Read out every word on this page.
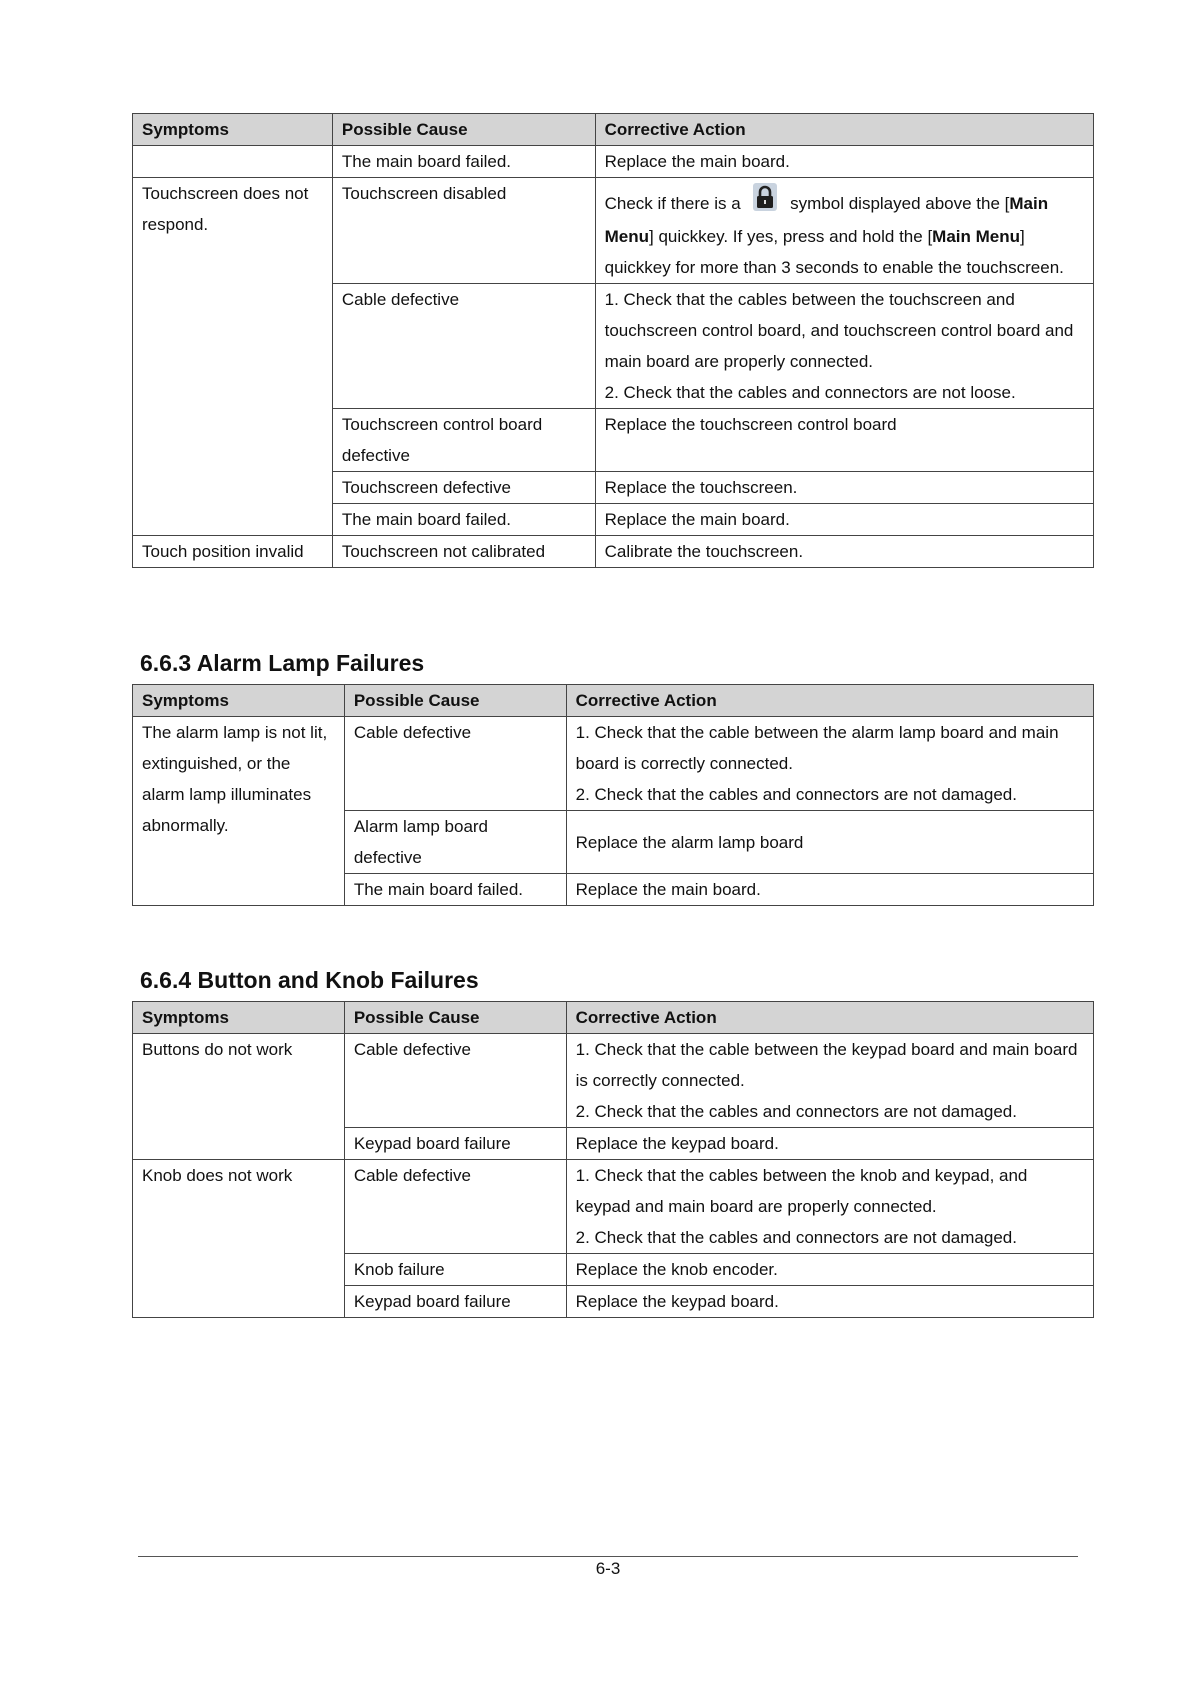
Symptoms	Possible Cause	Corrective Action
	The main board failed.	Replace the main board.
Touchscreen does not respond.	Touchscreen disabled	Check if there is a symbol displayed above the [Main Menu] quickkey. If yes, press and hold the [Main Menu] quickkey for more than 3 seconds to enable the touchscreen.
	Cable defective	1. Check that the cables between the touchscreen and touchscreen control board, and touchscreen control board and main board are properly connected.
2. Check that the cables and connectors are not loose.

	Touchscreen control board defective	Replace the touchscreen control board
	Touchscreen defective	Replace the touchscreen.
	The main board failed.	Replace the main board.
Touch position invalid	Touchscreen not calibrated	Calibrate the touchscreen.
6.6.3 Alarm Lamp Failures
Symptoms	Possible Cause	Corrective Action
The alarm lamp is not lit, extinguished, or the alarm lamp illuminates abnormally.	Cable defective	1. Check that the cable between the alarm lamp board and main board is correctly connected.
2. Check that the cables and connectors are not damaged.

	Alarm lamp board defective	Replace the alarm lamp board
	The main board failed.	Replace the main board.
6.6.4 Button and Knob Failures
Symptoms	Possible Cause	Corrective Action
Buttons do not work	Cable defective	1. Check that the cable between the keypad board and main board is correctly connected.
2. Check that the cables and connectors are not damaged.

	Keypad board failure	Replace the keypad board.
Knob does not work	Cable defective	1. Check that the cables between the knob and keypad, and keypad and main board are properly connected.
2. Check that the cables and connectors are not damaged.

	Knob failure	Replace the knob encoder.
	Keypad board failure	Replace the keypad board.
6-3
